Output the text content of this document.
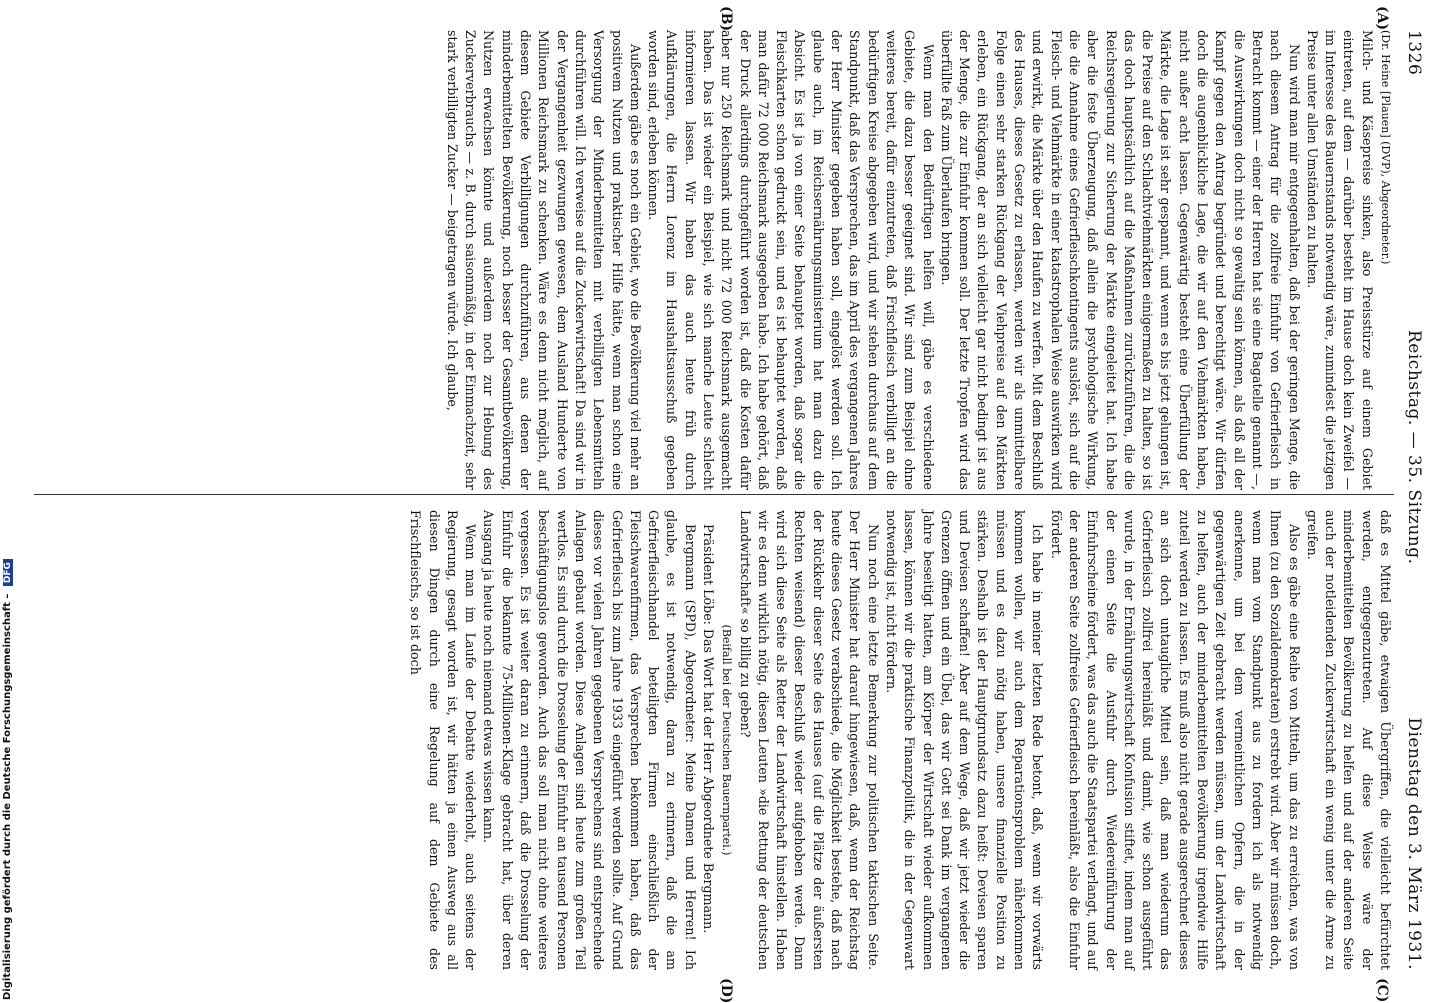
1326
Reichstag. — 35. Sitzung.
Dienstag den 3. März 1931.
(A)
(B)
(C)
(D)

(Dr. Heine [Plauen] (DVP), Abgeordneter.)

Milch- und Käsepreise sinken, also Preisstürze auf einem Gebiet eintreten, auf dem — darüber besteht im Hause doch kein Zweifel — im Interesse des Bauernstands notwendig wäre, zumindest die jetzigen Preise unter allen Umständen zu halten.

Nun wird man mir entgegenhalten, daß bei der geringen Menge, die nach diesem Antrag für die zollfreie Einfuhr von Gefrierfleisch in Betracht kommt — einer der Herren hat sie eine Bagatelle genannt —, die Auswirkungen doch nicht so gewaltig sein können, als daß all der Kampf gegen den Antrag begründet und berechtigt wäre. Wir dürfen doch die augenblickliche Lage, die wir auf den Viehmärkten haben, nicht außer acht lassen. Gegenwärtig besteht eine Überfüllung der Märkte, die Lage ist sehr gespannt, und wenn es bis jetzt gelungen ist, die Preise auf den Schlachtviehmärkten einigermaßen zu halten, so ist das doch hauptsächlich auf die Maßnahmen zurückzuführen, die die Reichsregierung zur Sicherung der Märkte eingeleitet hat. Ich habe aber die feste Überzeugung, daß allein die psychologische Wirkung, die die Annahme eines Gefrierfleischkontingents auslöst, sich auf die Fleisch- und Viehmärkte in einer katastrophalen Weise auswirken wird und erwirkt, die Märkte über den Haufen zu werfen. Mit dem Beschluß des Hauses, dieses Gesetz zu erlassen, werden wir als unmittelbare Folge einen sehr starken Rückgang der Viehpreise auf den Märkten erleben, ein Rückgang, der an sich vielleicht gar nicht bedingt ist aus der Menge, die zur Einfuhr kommen soll. Der letzte Tropfen wird das überfüllte Faß zum Überlaufen bringen.

Wenn man den Bedürftigen helfen will, gäbe es verschiedene Gebiete, die dazu besser geeignet sind. Wir sind zum Beispiel ohne weiteres bereit, dafür einzutreten, daß Frischfleisch verbilligt an die bedürftigen Kreise abgegeben wird, und wir stehen durchaus auf dem Standpunkt, daß das Versprechen, das im April des vergangenen Jahres der Herr Minister gegeben haben soll, eingelöst werden soll. Ich glaube auch, im Reichsernährungsministerium hat man dazu die Absicht. Es ist ja von einer Seite behauptet worden, daß sogar die Fleischkarten schon gedruckt sein, und es ist behauptet worden, daß man dafür 72 000 Reichsmark ausgegeben habe. Ich habe gehört, daß der Druck allerdings durchgeführt worden ist, daß die Kosten dafür aber nur 250 Reichsmark und nicht 72 000 Reichsmark ausgemacht haben. Das ist wieder ein Beispiel, wie sich manche Leute schlecht informieren lassen. Wir haben das auch heute früh durch Aufklärungen, die Herrn Lorenz im Haushaltsausschuß gegeben worden sind, erleben können.

Außerdem gäbe es noch ein Gebiet, wo die Bevölkerung viel mehr an positivem Nutzen und praktischer Hilfe hätte, wenn man schon eine Versorgung der Minderbemittelten mit verbilligten Lebensmitteln durchführen will. Ich verweise auf die Zuckerwirtschaft! Da sind wir in der Vergangenheit gezwungen gewesen, dem Ausland Hunderte von Millionen Reichsmark zu schenken. Wäre es denn nicht möglich, auf diesem Gebiete Verbilligungen durchzuführen, aus denen der minderbemittelten Bevölkerung, noch besser der Gesamtbevölkerung, Nutzen erwachsen könnte und außerdem noch zur Hebung des Zuckerverbrauchs — z. B. durch saisonmäßig, in der Einmachzeit, sehr stark verbilligten Zucker — beigetragen würde. Ich glaube,

daß es Mittel gäbe, etwaigen Übergriffen, die vielleicht befürchtet werden, entgegenzutreten. Auf diese Weise wäre der minderbemittelten Bevölkerung zu helfen und auf der anderen Seite auch der notleidenden Zuckerwirtschaft ein wenig unter die Arme zu greifen.

Also es gäbe eine Reihe von Mitteln, um das zu erreichen, was von Ihnen (zu den Sozialdemokraten) erstrebt wird. Aber wir müssen doch, wenn man vom Standpunkt aus zu fordern ich als notwendig anerkenne, um bei dem vermeintlichen Opfern, die in der gegenwärtigen Zeit gebracht werden müssen, um der Landwirtschaft zu helfen, auch der minderbemittelten Bevölkerung irgendwie Hilfe zuteil werden zu lassen. Es muß also nicht gerade ausgerechnet dieses an sich doch untaugliche Mittel sein, daß man wiederum das Gefrierfleisch zollfrei hereinläßt und damit, wie schon ausgeführt wurde, in der Ernährungswirtschaft Konfusion stiftet, indem man auf der einen Seite die Ausfuhr durch Wiedereinführung der Einfuhrscheine fördert, was das auch die Staatspartei verlangt, und auf der anderen Seite zollfreies Gefrierfleisch hereinläßt, also die Einfuhr fördert.

Ich habe in meiner letzten Rede betont, daß, wenn wir vorwärts kommen wollen, wir auch dem Reparationsproblem näherkommen müssen und es dazu nötig haben, unsere finanzielle Position zu stärken. Deshalb ist der Hauptgrundsatz dazu heißt: Devisen sparen und Devisen schaffen! Aber auf dem Wege, daß wir jetzt wieder die Grenzen öffnen und ein Übel, das wir Gott sei Dank im vergangenen Jahre beseitigt hatten, am Körper der Wirtschaft wieder aufkommen lassen, können wir die praktische Finanzpolitik, die in der Gegenwart notwendig ist, nicht fördern.

Nun noch eine letzte Bemerkung zur politischen taktischen Seite. Der Herr Minister hat darauf hingewiesen, daß, wenn der Reichstag heute dieses Gesetz verabschiede, die Möglichkeit bestehe, daß nach der Rückkehr dieser Seite des Hauses (auf die Plätze der äußersten Rechten weisend) dieser Beschluß wieder aufgehoben werde. Dann wird sich diese Seite als Retter der Landwirtschaft hinstellen. Haben wir es denn wirklich nötig, diesen Leuten »die Rettung der deutschen Landwirtschaft« so billig zu geben?

(Beifall bei der Deutschen Bauernpartei.)

Präsident Löbe: Das Wort hat der Herr Abgeordnete Bergmann.

Bergmann (SPD), Abgeordneter: Meine Damen und Herren! Ich glaube, es ist notwendig, daran zu erinnern, daß die am Gefrierfleischhandel beteiligten Firmen einschließlich der Fleischwarenfirmen, das Versprechen bekommen haben, daß das Gefrierfleisch bis zum Jahre 1933 eingeführt werden sollte. Auf Grund dieses vor vielen Jahren gegebenen Versprechens sind entsprechende Anlagen gebaut worden. Diese Anlagen sind heute zum großen Teil wertlos. Es sind durch die Drosselung der Einfuhr an tausend Personen beschäftigungslos geworden. Auch das soll man nicht ohne weiteres vergessen. Es ist weiter daran zu erinnern, daß die Drosselung der Einfuhr die bekannte 75-Millionen-Klage gebracht hat, über deren Ausgang ja heute noch niemand etwas wissen kann.

Wenn man im Laufe der Debatte wiederholt, auch seitens der Regierung, gesagt worden ist, wir hätten ja einen Ausweg aus all diesen Dingen durch eine Regelung auf dem Gebiete des Frischfleischs, so ist doch

Digitalisierung gefördert durch die Deutsche Forschungsgemeinschaft – DFG
